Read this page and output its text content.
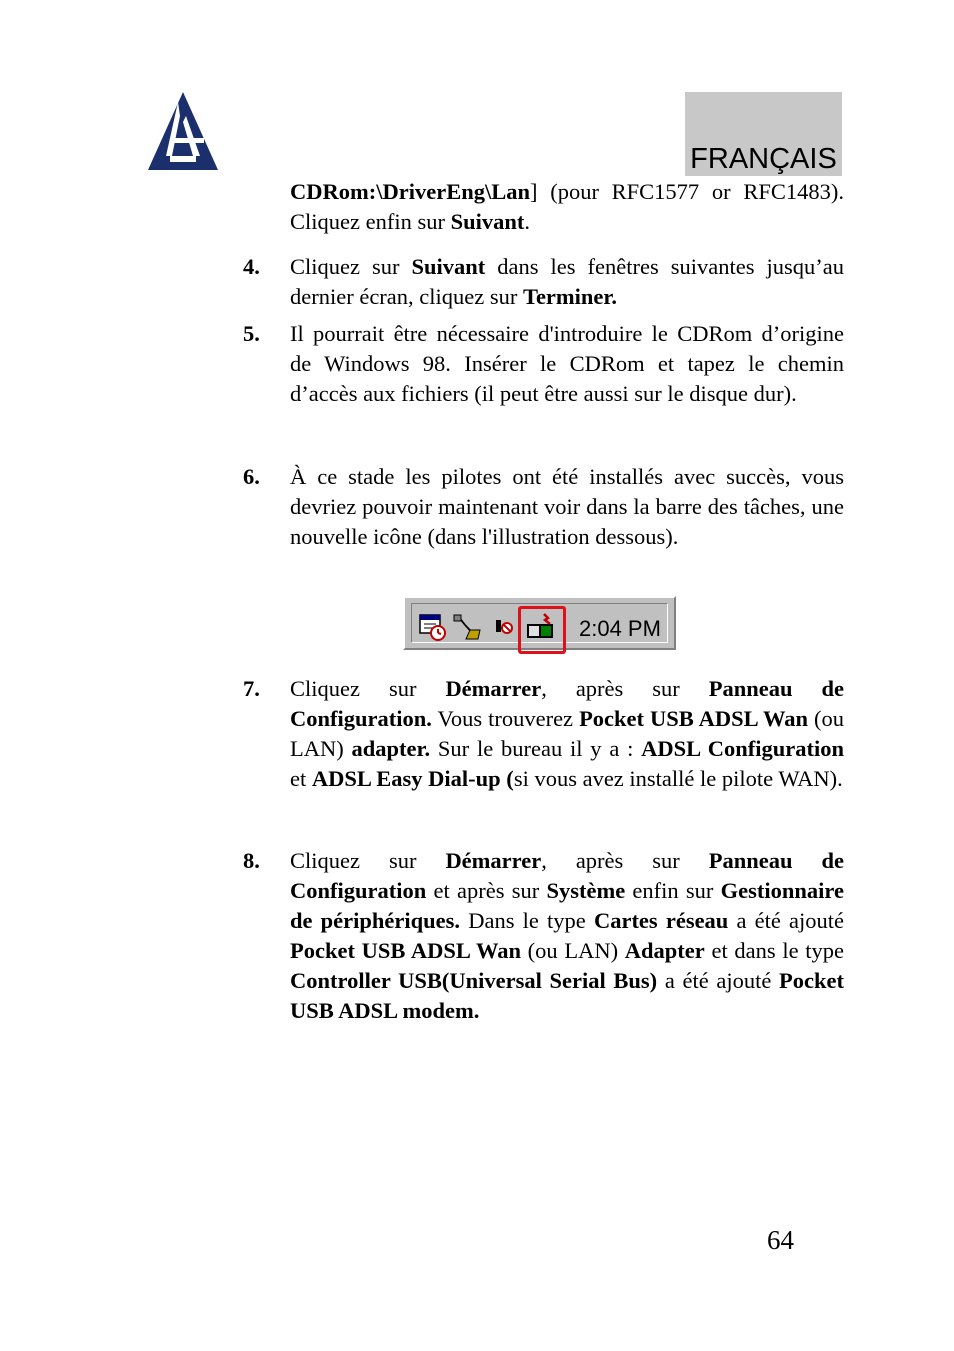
FRANÇAIS
CDRom:\DriverEng\Lan] (pour RFC1577 or RFC1483). Cliquez enfin sur Suivant.
4.	Cliquez sur Suivant dans les fenêtres suivantes jusqu’au dernier écran, cliquez sur Terminer.
5.	Il pourrait être nécessaire d'introduire le CDRom d’origine de Windows 98. Insérer le CDRom et tapez le chemin d’accès aux fichiers (il peut être aussi sur le disque dur).
6.	À ce stade les pilotes ont été installés avec succès, vous devriez pouvoir maintenant voir dans la barre des tâches, une nouvelle icône (dans l'illustration dessous).
2:04 PM
7.	Cliquez sur Démarrer, après sur Panneau de Configuration. Vous trouverez Pocket USB ADSL Wan (ou LAN) adapter. Sur le bureau il y a : ADSL Configuration et ADSL Easy Dial-up (si vous avez installé le pilote WAN).
8.	Cliquez sur Démarrer, après sur Panneau de Configuration et après sur Système enfin sur Gestionnaire de périphériques. Dans le type Cartes réseau a été ajouté Pocket USB ADSL Wan (ou LAN) Adapter et dans le type Controller USB(Universal Serial Bus) a été ajouté Pocket USB ADSL modem.
64
